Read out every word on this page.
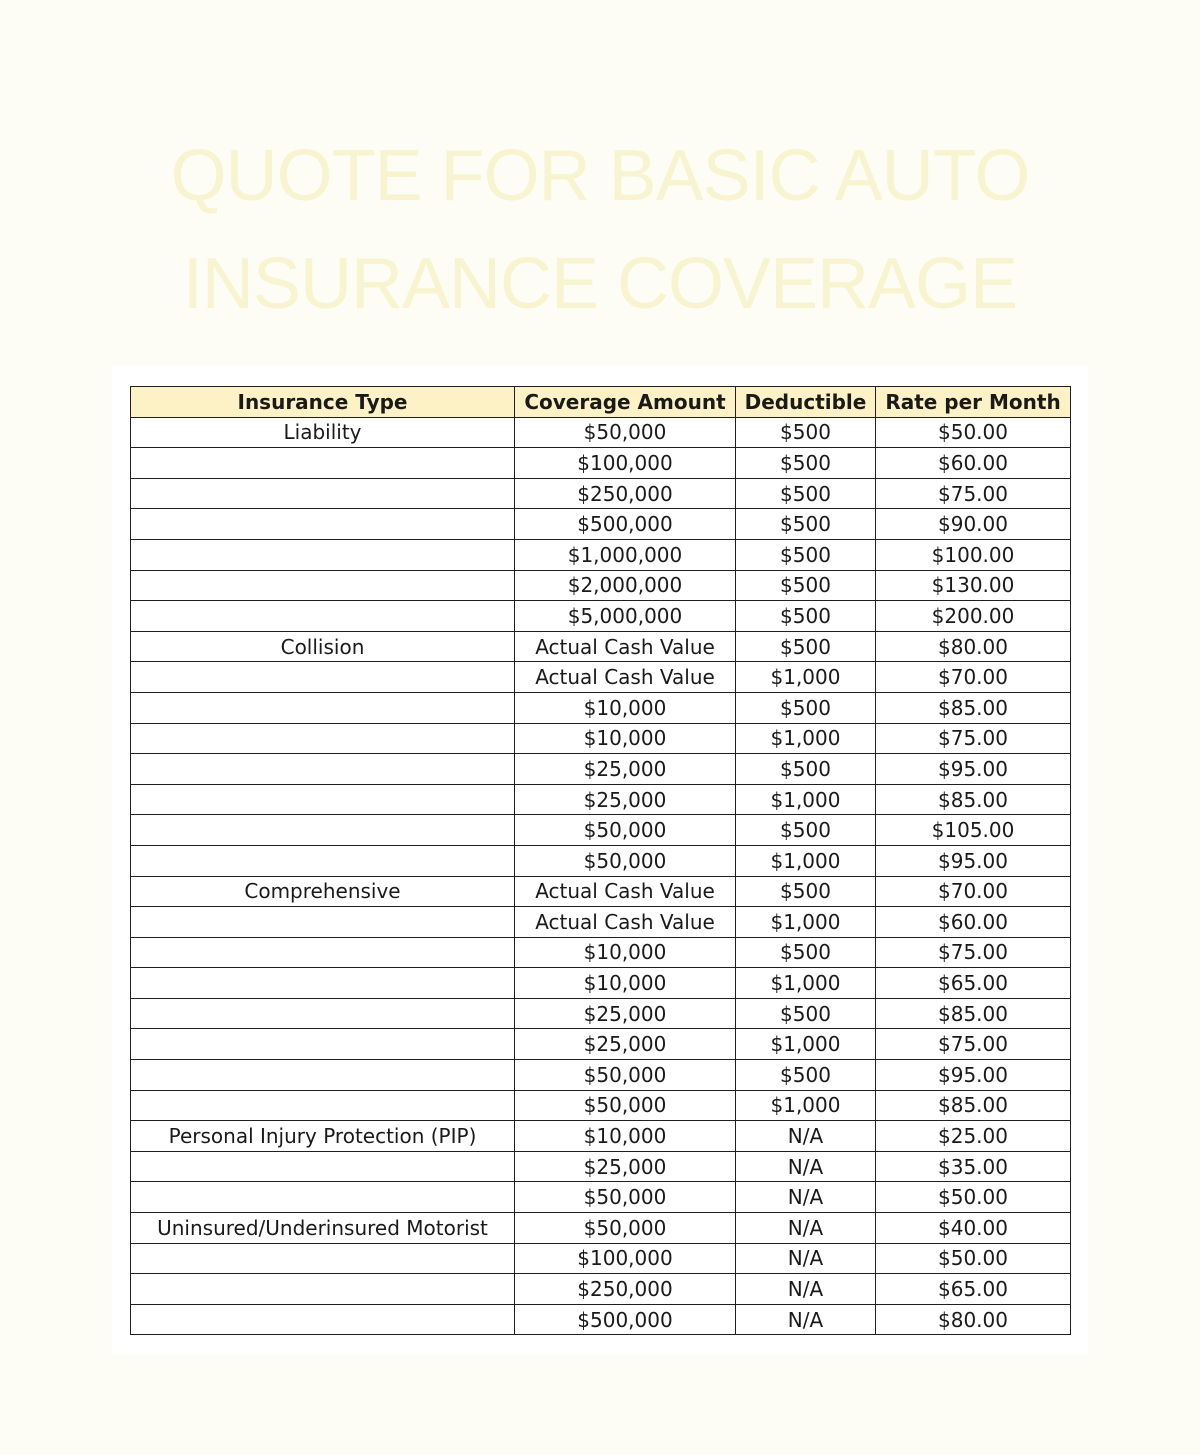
QUOTE FOR BASIC AUTO
INSURANCE COVERAGE
Insurance Type	Coverage Amount	Deductible	Rate per Month
Liability	$50,000	$500	$50.00
	$100,000	$500	$60.00
	$250,000	$500	$75.00
	$500,000	$500	$90.00
	$1,000,000	$500	$100.00
	$2,000,000	$500	$130.00
	$5,000,000	$500	$200.00
Collision	Actual Cash Value	$500	$80.00
	Actual Cash Value	$1,000	$70.00
	$10,000	$500	$85.00
	$10,000	$1,000	$75.00
	$25,000	$500	$95.00
	$25,000	$1,000	$85.00
	$50,000	$500	$105.00
	$50,000	$1,000	$95.00
Comprehensive	Actual Cash Value	$500	$70.00
	Actual Cash Value	$1,000	$60.00
	$10,000	$500	$75.00
	$10,000	$1,000	$65.00
	$25,000	$500	$85.00
	$25,000	$1,000	$75.00
	$50,000	$500	$95.00
	$50,000	$1,000	$85.00
Personal Injury Protection (PIP)	$10,000	N/A	$25.00
	$25,000	N/A	$35.00
	$50,000	N/A	$50.00
Uninsured/Underinsured Motorist	$50,000	N/A	$40.00
	$100,000	N/A	$50.00
	$250,000	N/A	$65.00
	$500,000	N/A	$80.00
